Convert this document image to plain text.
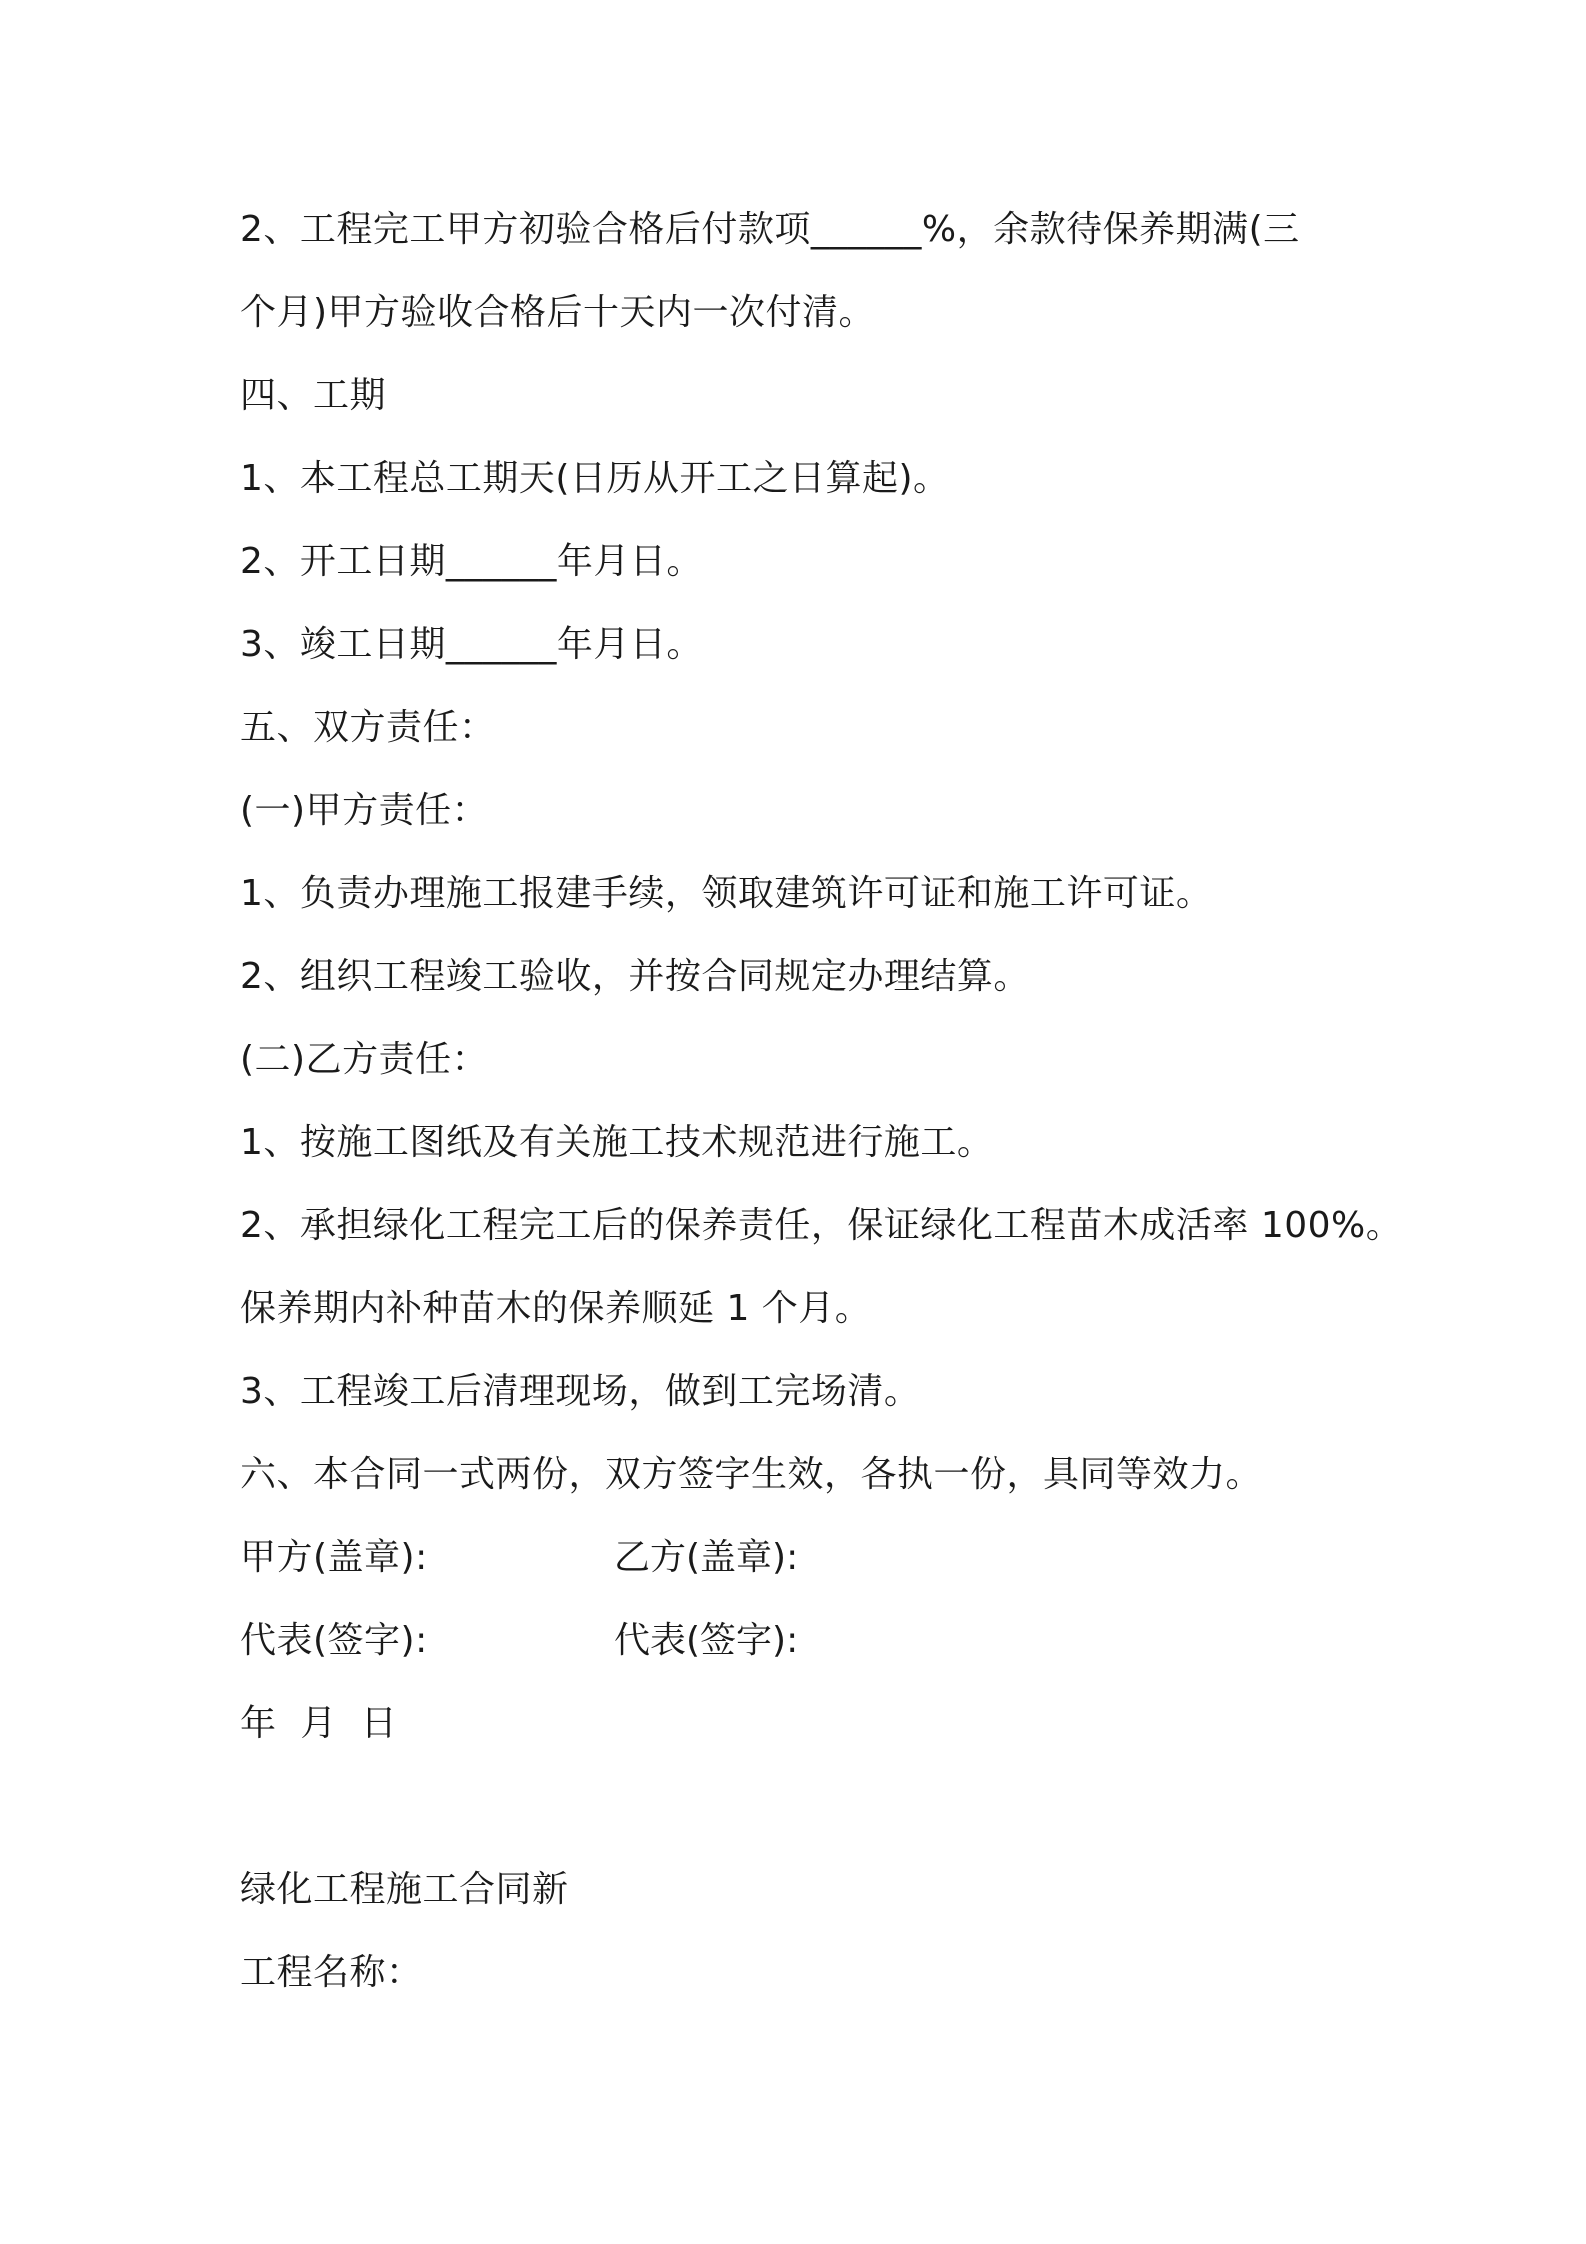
2、工程完工甲方初验合格后付款项______%，余款待保养期满(三
个月)甲方验收合格后十天内一次付清。
四、工期
1、本工程总工期天(日历从开工之日算起)。
2、开工日期______年月日。
3、竣工日期______年月日。
五、双方责任：
(一)甲方责任：
1、负责办理施工报建手续，领取建筑许可证和施工许可证。
2、组织工程竣工验收，并按合同规定办理结算。
(二)乙方责任：
1、按施工图纸及有关施工技术规范进行施工。
2、承担绿化工程完工后的保养责任，保证绿化工程苗木成活率 100%。
保养期内补种苗木的保养顺延 1 个月。
3、工程竣工后清理现场，做到工完场清。
六、本合同一式两份，双方签字生效，各执一份，具同等效力。
甲方(盖章):	乙方(盖章):
代表(签字):	代表(签字):
年  月  日
绿化工程施工合同新
工程名称：
